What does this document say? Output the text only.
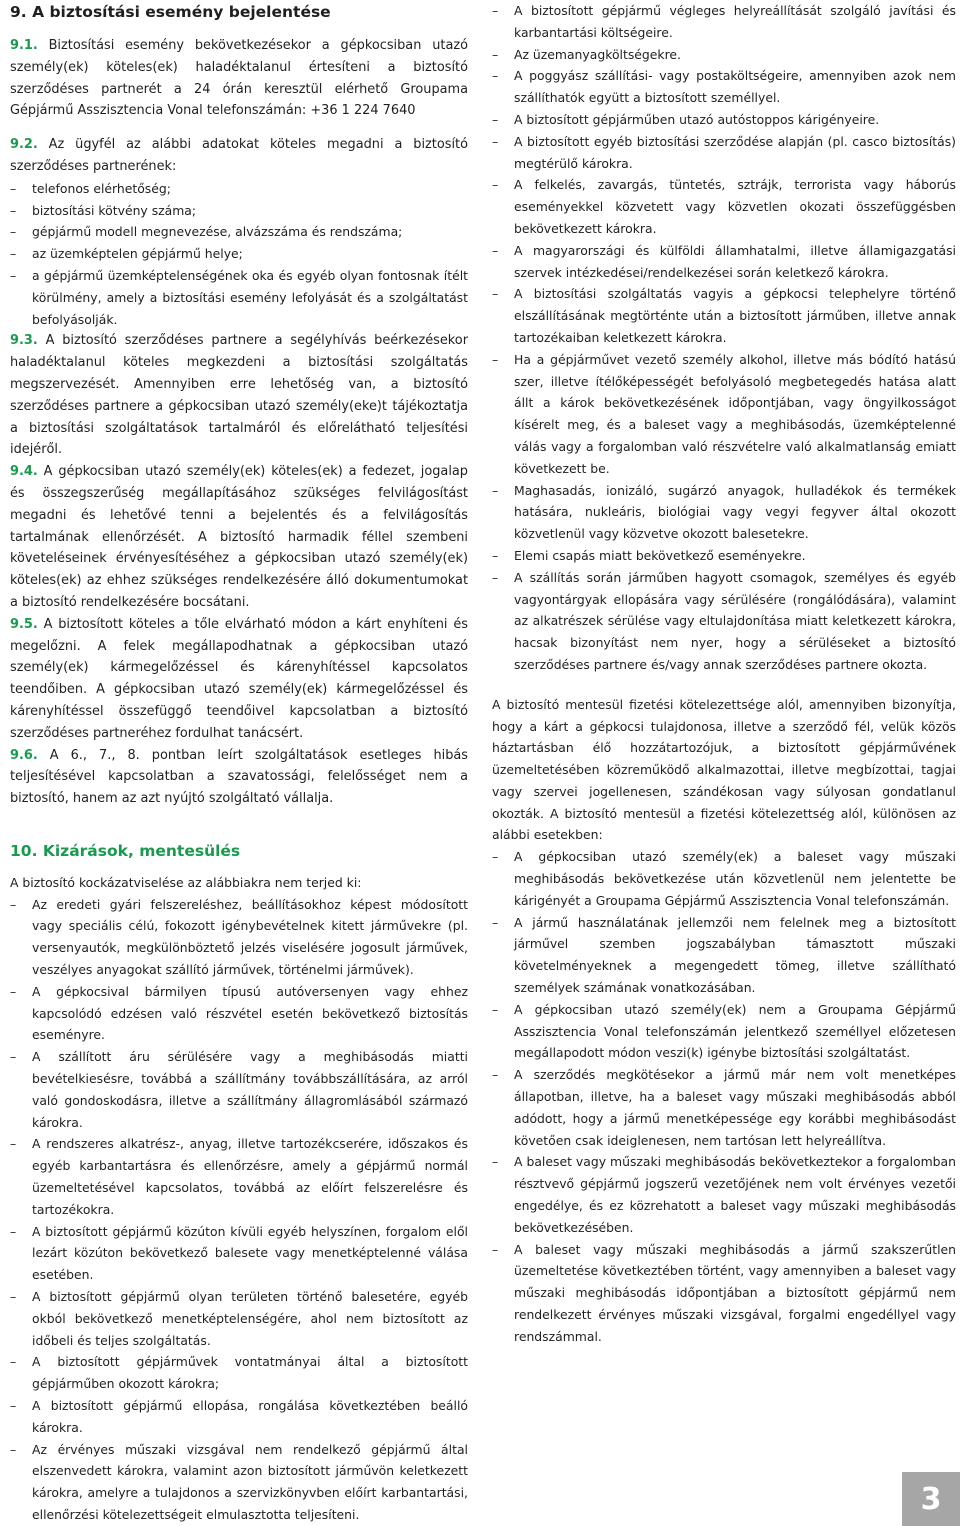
9. A biztosítási esemény bejelentése

9.1. Biztosítási esemény bekövetkezésekor a gépkocsiban utazó személy(ek) köteles(ek) haladéktalanul értesíteni a biztosító szerződéses partnerét a 24 órán keresztül elérhető Groupama Gépjármű Asszisztencia Vonal telefonszámán: +36 1 224 7640

9.2. Az ügyfél az alábbi adatokat köteles megadni a biztosító szerződéses partnerének:

– telefonos elérhetőség;
– biztosítási kötvény száma;
– gépjármű modell megnevezése, alvázszáma és rendszáma;
– az üzemképtelen gépjármű helye;
– a gépjármű üzemképtelenségének oka és egyéb olyan fontosnak ítélt körülmény, amely a biztosítási esemény lefolyását és a szolgáltatást befolyásolják.

9.3. A biztosító szerződéses partnere a segélyhívás beérkezésekor haladéktalanul köteles megkezdeni a biztosítási szolgáltatás megszervezését. Amennyiben erre lehetőség van, a biztosító szerződéses partnere a gépkocsiban utazó személy(eke)t tájékoztatja a biztosítási szolgáltatások tartalmáról és előrelátható teljesítési idejéről.

9.4. A gépkocsiban utazó személy(ek) köteles(ek) a fedezet, jogalap és összegszerűség megállapításához szükséges felvilágosítást megadni és lehetővé tenni a bejelentés és a felvilágosítás tartalmának ellenőrzését. A biztosító harmadik féllel szembeni követeléseinek érvényesítéséhez a gépkocsiban utazó személy(ek) köteles(ek) az ehhez szükséges rendelkezésére álló dokumentumokat a biztosító rendelkezésére bocsátani.

9.5. A biztosított köteles a tőle elvárható módon a kárt enyhíteni és megelőzni. A felek megállapodhatnak a gépkocsiban utazó személy(ek) kármegelőzéssel és kárenyhítéssel kapcsolatos teendőiben. A gépkocsiban utazó személy(ek) kármegelőzéssel és kárenyhítéssel összefüggő teendőivel kapcsolatban a biztosító szerződéses partneréhez fordulhat tanácsért.

9.6. A 6., 7., 8. pontban leírt szolgáltatások esetleges hibás teljesítésével kapcsolatban a szavatossági, felelősséget nem a biztosító, hanem az azt nyújtó szolgáltató vállalja.

10. Kizárások, mentesülés

A biztosító kockázatviselése az alábbiakra nem terjed ki:

– Az eredeti gyári felszereléshez, beállításokhoz képest módosított vagy speciális célú, fokozott igénybevételnek kitett járművekre (pl. versenyautók, megkülönböztető jelzés viselésére jogosult járművek, veszélyes anyagokat szállító járművek, történelmi járművek).
– A gépkocsival bármilyen típusú autóversenyen vagy ehhez kapcsolódó edzésen való részvétel esetén bekövetkező biztosítás eseményre.
– A szállított áru sérülésére vagy a meghibásodás miatti bevételkiesésre, továbbá a szállítmány továbbszállítására, az arról való gondoskodásra, illetve a szállítmány állagromlásából származó károkra.
– A rendszeres alkatrész-, anyag, illetve tartozékcserére, időszakos és egyéb karbantartásra és ellenőrzésre, amely a gépjármű normál üzemeltetésével kapcsolatos, továbbá az előírt felszerelésre és tartozékokra.
– A biztosított gépjármű közúton kívüli egyéb helyszínen, forgalom elől lezárt közúton bekövetkező balesete vagy menetképtelenné válása esetében.
– A biztosított gépjármű olyan területen történő balesetére, egyéb okból bekövetkező menetképtelenségére, ahol nem biztosított az időbeli és teljes szolgáltatás.
– A biztosított gépjárművek vontatmányai által a biztosított gépjárműben okozott károkra;
– A biztosított gépjármű ellopása, rongálása következtében beálló károkra.
– Az érvényes műszaki vizsgával nem rendelkező gépjármű által elszenvedett károkra, valamint azon biztosított járművön keletkezett károkra, amelyre a tulajdonos a szervizkönyvben előírt karbantartási, ellenőrzési kötelezettségeit elmulasztotta teljesíteni.
– A biztosított gépjármű végleges helyreállítását szolgáló javítási és karbantartási költségeire.
– Az üzemanyagköltségekre.
– A poggyász szállítási- vagy postaköltségeire, amennyiben azok nem szállíthatók együtt a biztosított személlyel.
– A biztosított gépjárműben utazó autóstoppos kárigényeire.
– A biztosított egyéb biztosítási szerződése alapján (pl. casco biztosítás) megtérülő károkra.
– A felkelés, zavargás, tüntetés, sztrájk, terrorista vagy háborús eseményekkel közvetett vagy közvetlen okozati összefüggésben bekövetkezett károkra.
– A magyarországi és külföldi államhatalmi, illetve államigazgatási szervek intézkedései/rendelkezései során keletkező károkra.
– A biztosítási szolgáltatás vagyis a gépkocsi telephelyre történő elszállításának megtörténte után a biztosított járműben, illetve annak tartozékaiban keletkezett károkra.
– Ha a gépjárművet vezető személy alkohol, illetve más bódító hatású szer, illetve ítélőképességét befolyásoló megbetegedés hatása alatt állt a károk bekövetkezésének időpontjában, vagy öngyilkosságot kísérelt meg, és a baleset vagy a meghibásodás, üzemképtelenné válás vagy a forgalomban való részvételre való alkalmatlanság emiatt következett be.
– Maghasadás, ionizáló, sugárzó anyagok, hulladékok és termékek hatására, nukleáris, biológiai vagy vegyi fegyver által okozott közvetlenül vagy közvetve okozott balesetekre.
– Elemi csapás miatt bekövetkező eseményekre.
– A szállítás során járműben hagyott csomagok, személyes és egyéb vagyontárgyak ellopására vagy sérülésére (rongálódására), valamint az alkatrészek sérülése vagy eltulajdonítása miatt keletkezett károkra, hacsak bizonyítást nem nyer, hogy a sérüléseket a biztosító szerződéses partnere és/vagy annak szerződéses partnere okozta.

A biztosító mentesül fizetési kötelezettsége alól, amennyiben bizonyítja, hogy a kárt a gépkocsi tulajdonosa, illetve a szerződő fél, velük közös háztartásban élő hozzátartozójuk, a biztosított gépjárművének üzemeltetésében közreműködő alkalmazottai, illetve megbízottai, tagjai vagy szervei jogellenesen, szándékosan vagy súlyosan gondatlanul okozták. A biztosító mentesül a fizetési kötelezettség alól, különösen az alábbi esetekben:

– A gépkocsiban utazó személy(ek) a baleset vagy műszaki meghibásodás bekövetkezése után közvetlenül nem jelentette be kárigényét a Groupama Gépjármű Asszisztencia Vonal telefonszámán.
– A jármű használatának jellemzői nem felelnek meg a biztosított járművel szemben jogszabályban támasztott műszaki követelményeknek a megengedett tömeg, illetve szállítható személyek számának vonatkozásában.
– A gépkocsiban utazó személy(ek) nem a Groupama Gépjármű Asszisztencia Vonal telefonszámán jelentkező személlyel előzetesen megállapodott módon veszi(k) igénybe biztosítási szolgáltatást.
– A szerződés megkötésekor a jármű már nem volt menetképes állapotban, illetve, ha a baleset vagy műszaki meghibásodás abból adódott, hogy a jármű menetképessége egy korábbi meghibásodást követően csak ideiglenesen, nem tartósan lett helyreállítva.
– A baleset vagy műszaki meghibásodás bekövetkeztekor a forgalomban résztvevő gépjármű jogszerű vezetőjének nem volt érvényes vezetői engedélye, és ez közrehatott a baleset vagy műszaki meghibásodás bekövetkezésében.
– A baleset vagy műszaki meghibásodás a jármű szakszerűtlen üzemeltetése következtében történt, vagy amennyiben a baleset vagy műszaki meghibásodás időpontjában a biztosított gépjármű nem rendelkezett érvényes műszaki vizsgával, forgalmi engedéllyel vagy rendszámmal.
3
